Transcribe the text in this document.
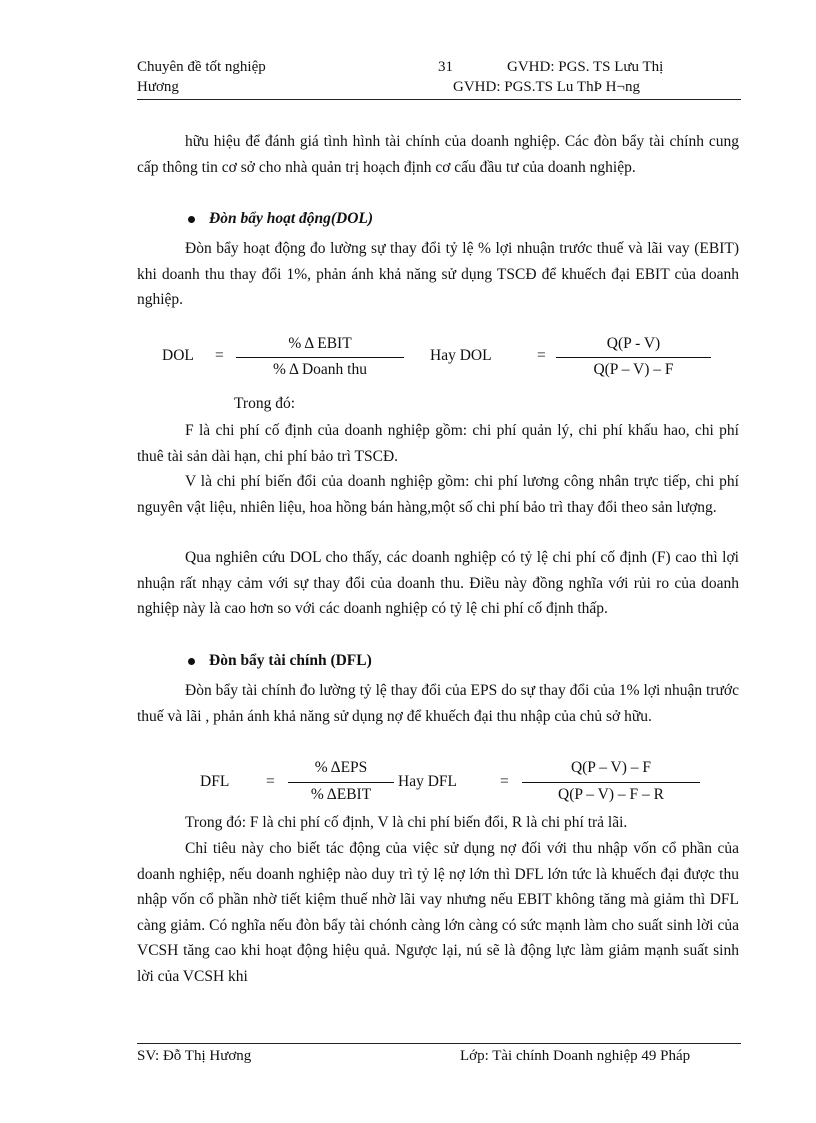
Chuyên đề tốt nghiệp
Hương
31	GVHD: PGS. TS Lưu Thị
GVHD: PGS.TS Lu ThÞ H¬ng
hữu hiệu để đánh giá tình hình tài chính của doanh nghiệp. Các đòn bẩy tài chính cung cấp thông tin cơ sở cho nhà quản trị hoạch định cơ cấu đầu tư của doanh nghiệp.
Đòn bẩy hoạt động(DOL)
Đòn bẩy hoạt động đo lường sự thay đổi tỷ lệ % lợi nhuận trước thuế và lãi vay (EBIT) khi doanh thu thay đổi 1%, phản ánh khả năng sử dụng TSCĐ để khuếch đại EBIT của doanh nghiệp.
DOL =
% Δ EBIT
% Δ Doanh thu
Hay DOL	=
Q(P - V)
Q(P – V) – F
Trong đó:
F là chi phí cố định của doanh nghiệp gồm: chi phí quản lý, chi phí khấu hao, chi phí thuê tài sản dài hạn, chi phí bảo trì TSCĐ.
V là chi phí biến đổi của doanh nghiệp gồm: chi phí lương công nhân trực tiếp, chi phí nguyên vật liệu, nhiên liệu, hoa hồng bán hàng,một số chi phí bảo trì thay đổi theo sản lượng.
Qua nghiên cứu DOL cho thấy, các doanh nghiệp có tỷ lệ chi phí cố định (F) cao thì lợi nhuận rất nhạy cảm với sự thay đổi của doanh thu. Điều này đồng nghĩa với rủi ro của doanh nghiệp này là cao hơn so với các doanh nghiệp có tỷ lệ chi phí cố định thấp.
Đòn bẩy tài chính (DFL)
Đòn bẩy tài chính đo lường tỷ lệ thay đổi của EPS do sự thay đổi của 1% lợi nhuận trước thuế và lãi , phản ánh khả năng sử dụng nợ để khuếch đại thu nhập của chủ sở hữu.
DFL =
% ΔEPS
% ΔEBIT
Hay DFL	=
Q(P – V) – F
Q(P – V) – F – R
Trong đó: F là chi phí cố định, V là chi phí biến đổi, R là chi phí trả lãi.
Chỉ tiêu này cho biết tác động của việc sử dụng nợ đối với thu nhập vốn cổ phần của doanh nghiệp, nếu doanh nghiệp nào duy trì tỷ lệ nợ lớn thì DFL lớn tức là khuếch đại được thu nhập vốn cổ phần nhờ tiết kiệm thuế nhờ lãi vay nhưng nếu EBIT không tăng mà giảm thì DFL càng giảm. Có nghĩa nếu đòn bẩy tài chónh càng lớn càng có sức mạnh làm cho suất sinh lời của VCSH tăng cao khi hoạt động hiệu quả. Ngược lại, nú sẽ là động lực làm giảm mạnh suất sinh lời của VCSH khi
SV: Đỗ Thị Hương	Lớp: Tài chính Doanh nghiệp 49 Pháp
